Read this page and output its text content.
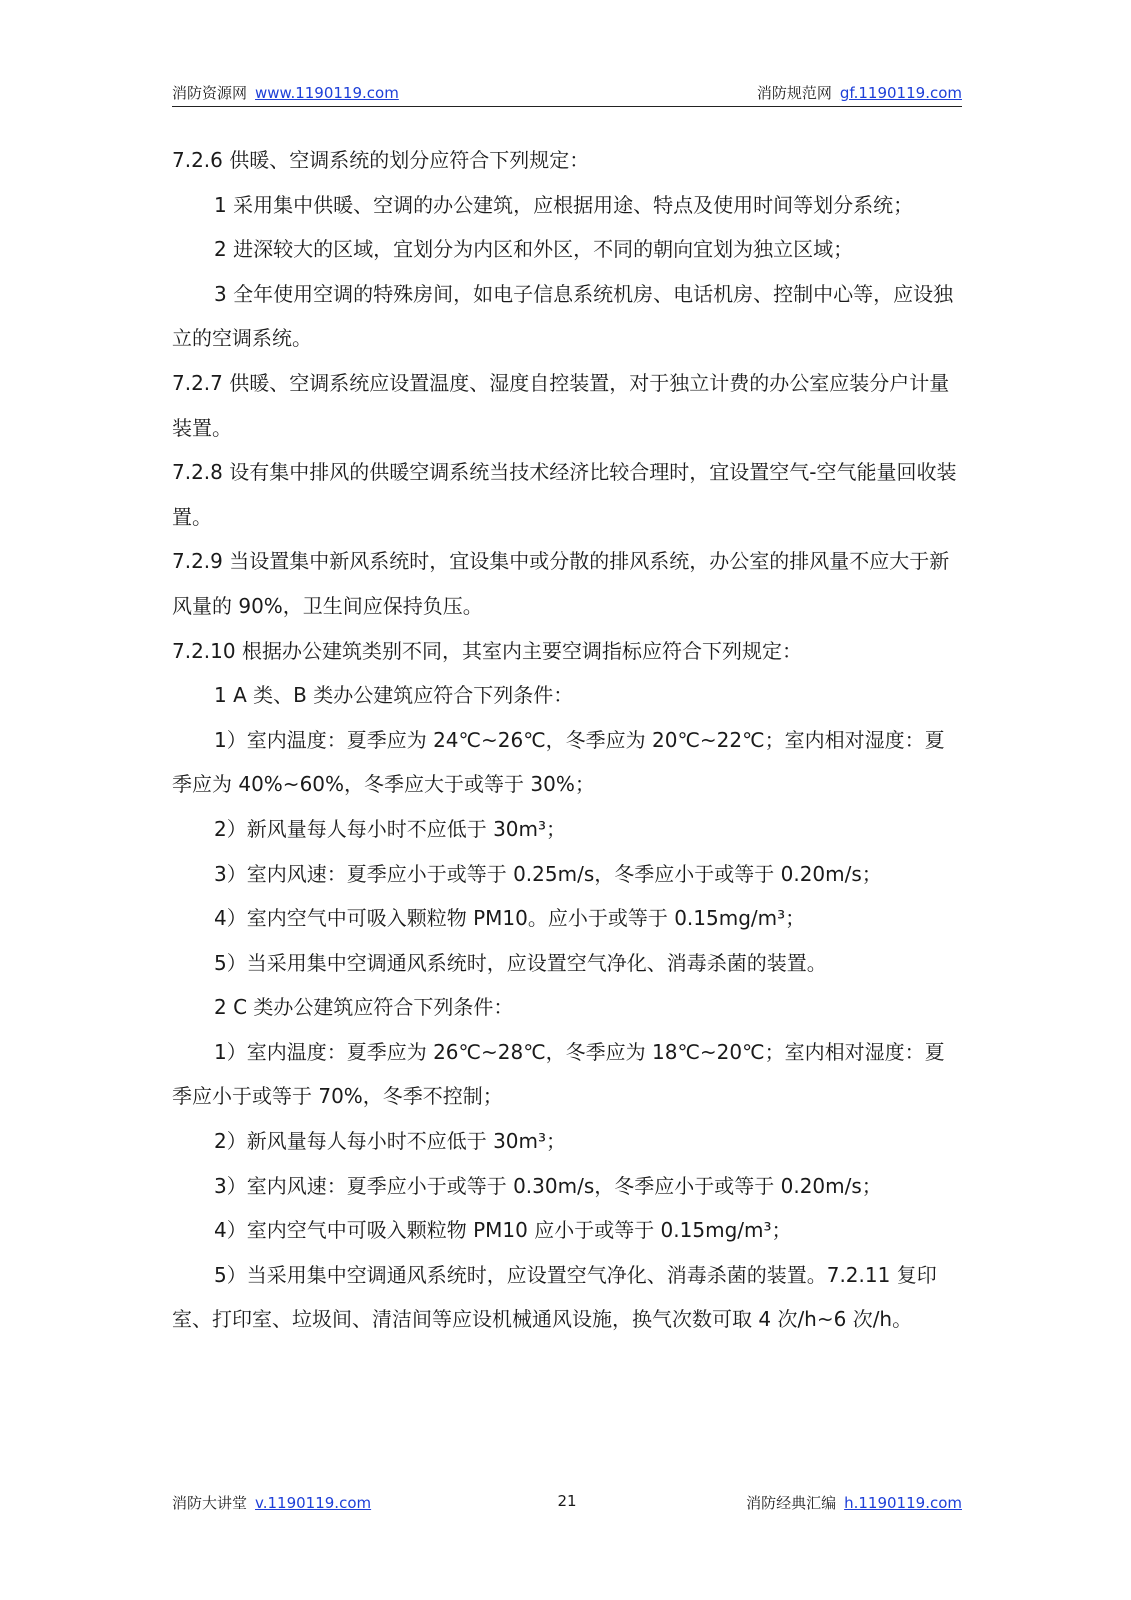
消防资源网 www.1190119.com	消防规范网 gf.1190119.com

7.2.6 供暖、空调系统的划分应符合下列规定：

1 采用集中供暖、空调的办公建筑，应根据用途、特点及使用时间等划分系统；

2 进深较大的区域，宜划分为内区和外区，不同的朝向宜划为独立区域；

3 全年使用空调的特殊房间，如电子信息系统机房、电话机房、控制中心等，应设独立的空调系统。

7.2.7 供暖、空调系统应设置温度、湿度自控装置，对于独立计费的办公室应装分户计量装置。

7.2.8 设有集中排风的供暖空调系统当技术经济比较合理时，宜设置空气-空气能量回收装置。

7.2.9 当设置集中新风系统时，宜设集中或分散的排风系统，办公室的排风量不应大于新风量的 90%，卫生间应保持负压。

7.2.10 根据办公建筑类别不同，其室内主要空调指标应符合下列规定：

1 A 类、B 类办公建筑应符合下列条件：

1）室内温度：夏季应为 24℃~26℃，冬季应为 20℃~22℃；室内相对湿度：夏季应为 40%~60%，冬季应大于或等于 30%；

2）新风量每人每小时不应低于 30m³；

3）室内风速：夏季应小于或等于 0.25m/s，冬季应小于或等于 0.20m/s；

4）室内空气中可吸入颗粒物 PM10。应小于或等于 0.15mg/m³；

5）当采用集中空调通风系统时，应设置空气净化、消毒杀菌的装置。

2 C 类办公建筑应符合下列条件：

1）室内温度：夏季应为 26℃~28℃，冬季应为 18℃~20℃；室内相对湿度：夏季应小于或等于 70%，冬季不控制；

2）新风量每人每小时不应低于 30m³；

3）室内风速：夏季应小于或等于 0.30m/s，冬季应小于或等于 0.20m/s；

4）室内空气中可吸入颗粒物 PM10 应小于或等于 0.15mg/m³；

5）当采用集中空调通风系统时，应设置空气净化、消毒杀菌的装置。7.2.11 复印室、打印室、垃圾间、清洁间等应设机械通风设施，换气次数可取 4 次/h~6 次/h。

消防大讲堂 v.1190119.com	21	消防经典汇编 h.1190119.com
